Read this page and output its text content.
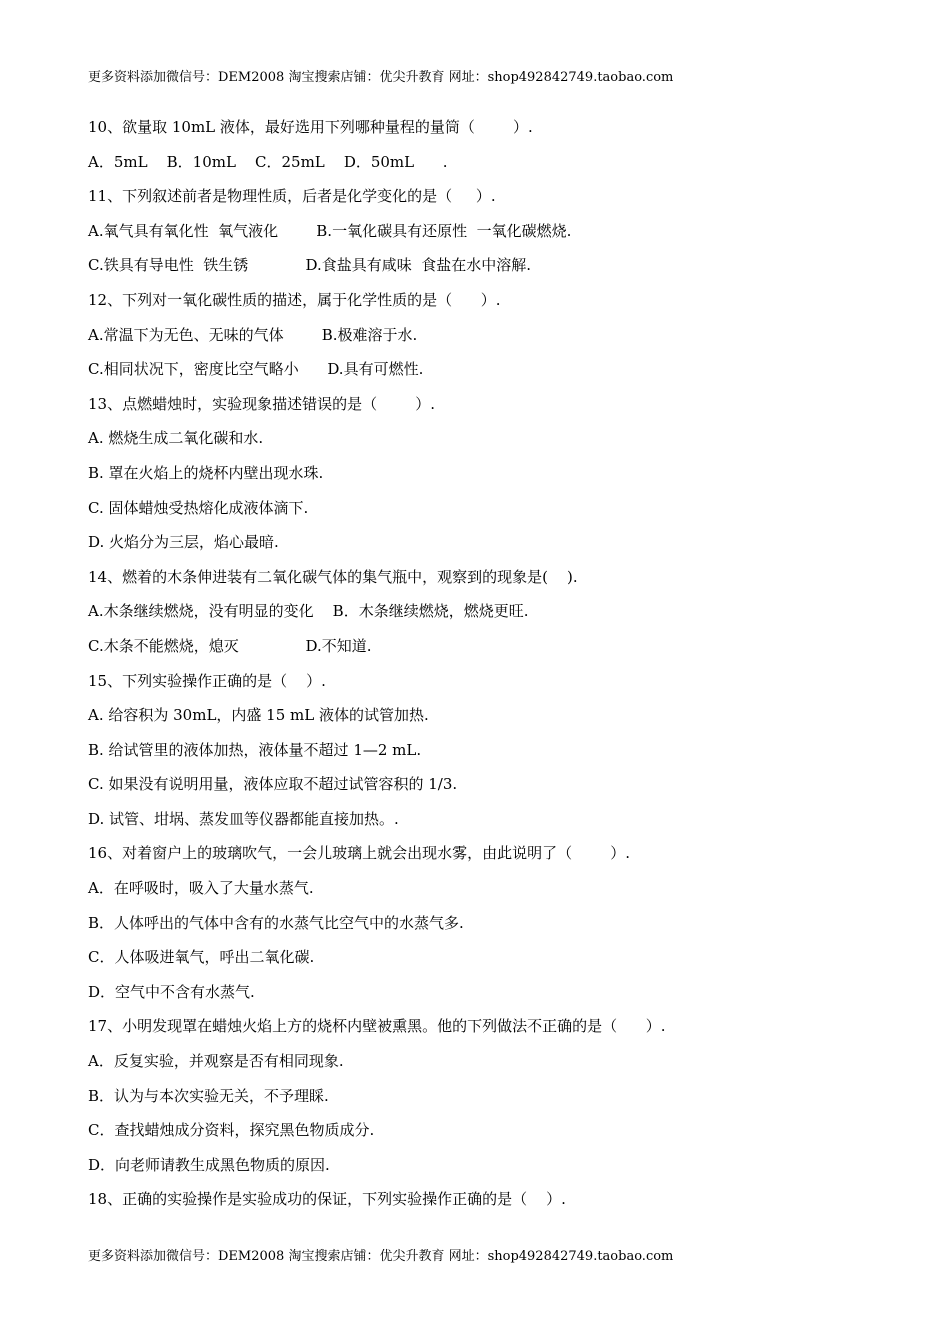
更多资料添加微信号：DEM2008 淘宝搜索店铺：优尖升教育 网址：shop492842749.taobao.com
10、欲量取 10mL 液体，最好选用下列哪种量程的量筒（        ）.
A．5mL    B．10mL    C．25mL    D．50mL      .
11、下列叙述前者是物理性质，后者是化学变化的是（     ）.
A.氧气具有氧化性  氧气液化        B.一氧化碳具有还原性  一氧化碳燃烧.
C.铁具有导电性  铁生锈            D.食盐具有咸味  食盐在水中溶解.
12、下列对一氧化碳性质的描述，属于化学性质的是（      ）.
A.常温下为无色、无味的气体        B.极难溶于水.
C.相同状况下，密度比空气略小      D.具有可燃性.
13、点燃蜡烛时，实验现象描述错误的是（        ）.
A. 燃烧生成二氧化碳和水.
B. 罩在火焰上的烧杯内壁出现水珠.
C. 固体蜡烛受热熔化成液体滴下.
D. 火焰分为三层，焰心最暗.
14、燃着的木条伸进装有二氧化碳气体的集气瓶中，观察到的现象是(    ).
A.木条继续燃烧，没有明显的变化    B．木条继续燃烧，燃烧更旺.
C.木条不能燃烧，熄灭              D.不知道.
15、下列实验操作正确的是（    ）.
A. 给容积为 30mL，内盛 15 mL 液体的试管加热.
B. 给试管里的液体加热，液体量不超过 1—2 mL.
C. 如果没有说明用量，液体应取不超过试管容积的 1/3.
D. 试管、坩埚、蒸发皿等仪器都能直接加热。.
16、对着窗户上的玻璃吹气，一会儿玻璃上就会出现水雾，由此说明了（        ）.
A．在呼吸时，吸入了大量水蒸气.
B．人体呼出的气体中含有的水蒸气比空气中的水蒸气多.
C．人体吸进氧气，呼出二氧化碳.
D．空气中不含有水蒸气.
17、小明发现罩在蜡烛火焰上方的烧杯内壁被熏黑。他的下列做法不正确的是（      ）.
A．反复实验，并观察是否有相同现象.
B．认为与本次实验无关，不予理睬.
C．查找蜡烛成分资料，探究黑色物质成分.
D．向老师请教生成黑色物质的原因.
18、正确的实验操作是实验成功的保证，下列实验操作正确的是（    ）.
更多资料添加微信号：DEM2008 淘宝搜索店铺：优尖升教育 网址：shop492842749.taobao.com
